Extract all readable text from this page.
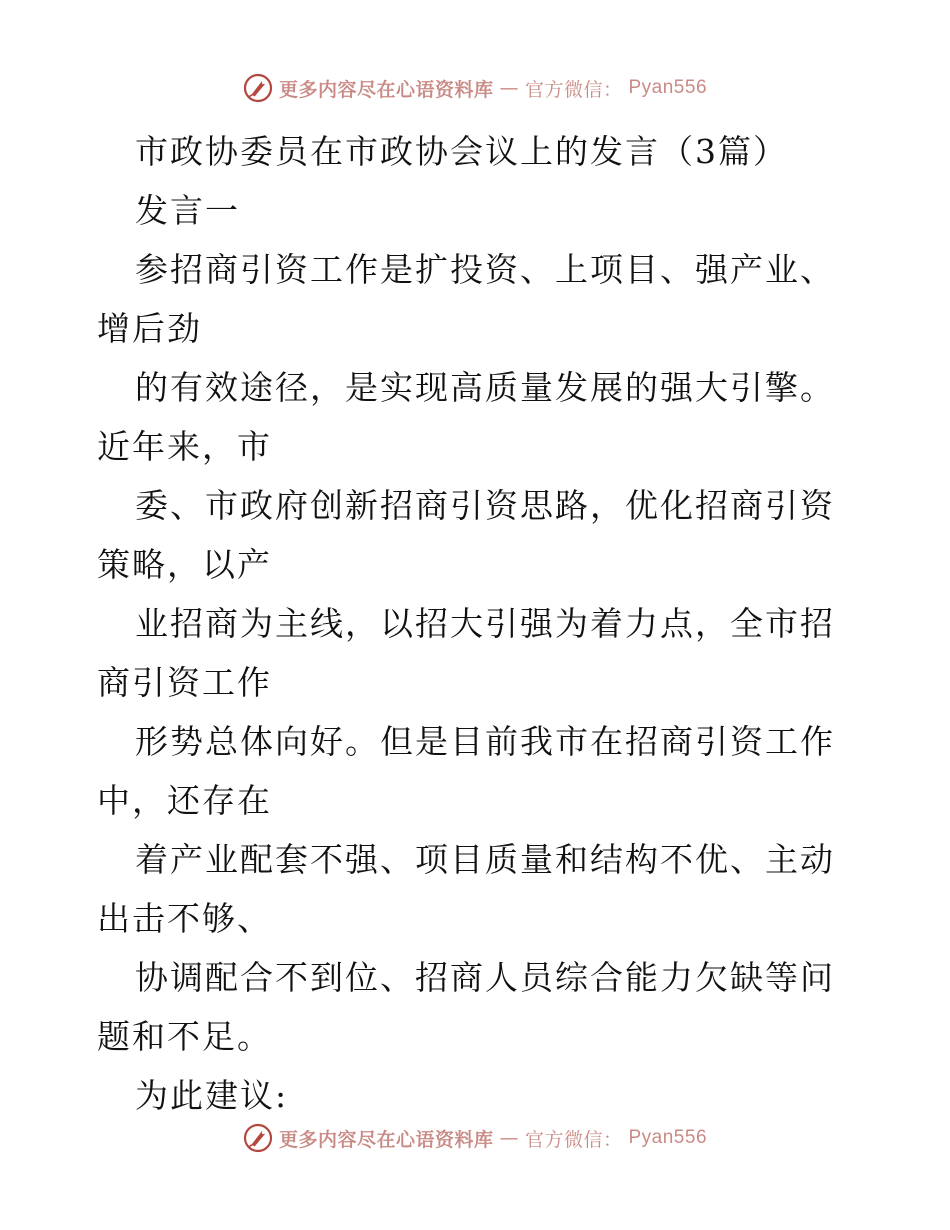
更多内容尽在心语资料库 — 官方微信： Pyan556

市政协委员在市政协会议上的发言（3篇）

发言一

参招商引资工作是扩投资、上项目、强产业、增后劲

的有效途径，是实现高质量发展的强大引擎。近年来，市

委、市政府创新招商引资思路，优化招商引资策略，以产

业招商为主线，以招大引强为着力点，全市招商引资工作

形势总体向好。但是目前我市在招商引资工作中，还存在

着产业配套不强、项目质量和结构不优、主动出击不够、

协调配合不到位、招商人员综合能力欠缺等问题和不足。

为此建议:

更多内容尽在心语资料库 — 官方微信： Pyan556
